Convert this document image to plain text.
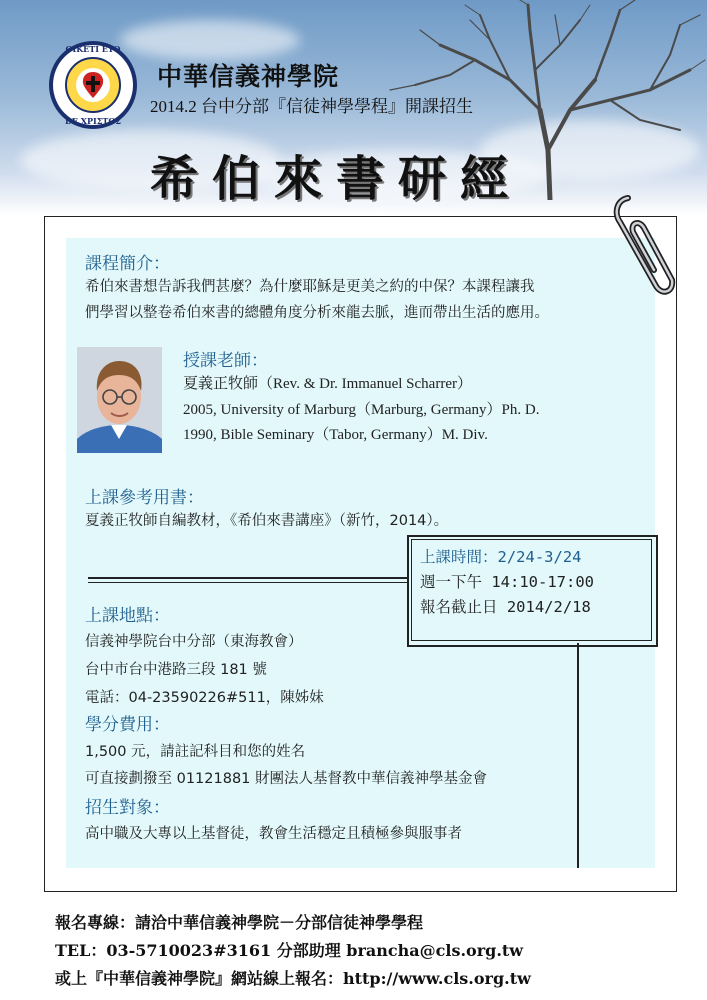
OIKETI EYO
DE XPΙΣTOΣ
中華信義神學院
2014.2 台中分部『信徒神學學程』開課招生
希伯來書研經
課程簡介：
希伯來書想告訴我們甚麼？為什麼耶穌是更美之約的中保？本課程讓我
們學習以整卷希伯來書的總體角度分析來龍去脈，進而帶出生活的應用。
授課老師：
夏義正牧師（Rev. & Dr. Immanuel Scharrer）
2005, University of Marburg（Marburg, Germany）Ph. D.
1990, Bible Seminary（Tabor, Germany）M. Div.
上課參考用書：
夏義正牧師自編教材，《希伯來書講座》（新竹，2014）。
上課時間：2/24-3/24
週一下午 14:10-17:00
報名截止日 2014/2/18
上課地點：
信義神學院台中分部（東海教會）
台中市台中港路三段 181 號
電話：04-23590226#511，陳姊妹
學分費用：
1,500 元，請註記科目和您的姓名
可直接劃撥至 01121881 財團法人基督教中華信義神學基金會
招生對象：
高中職及大專以上基督徒，教會生活穩定且積極參與服事者
報名專線：請洽中華信義神學院－分部信徒神學學程
TEL：03-5710023#3161 分部助理 brancha@cls.org.tw
或上『中華信義神學院』網站線上報名：http://www.cls.org.tw
